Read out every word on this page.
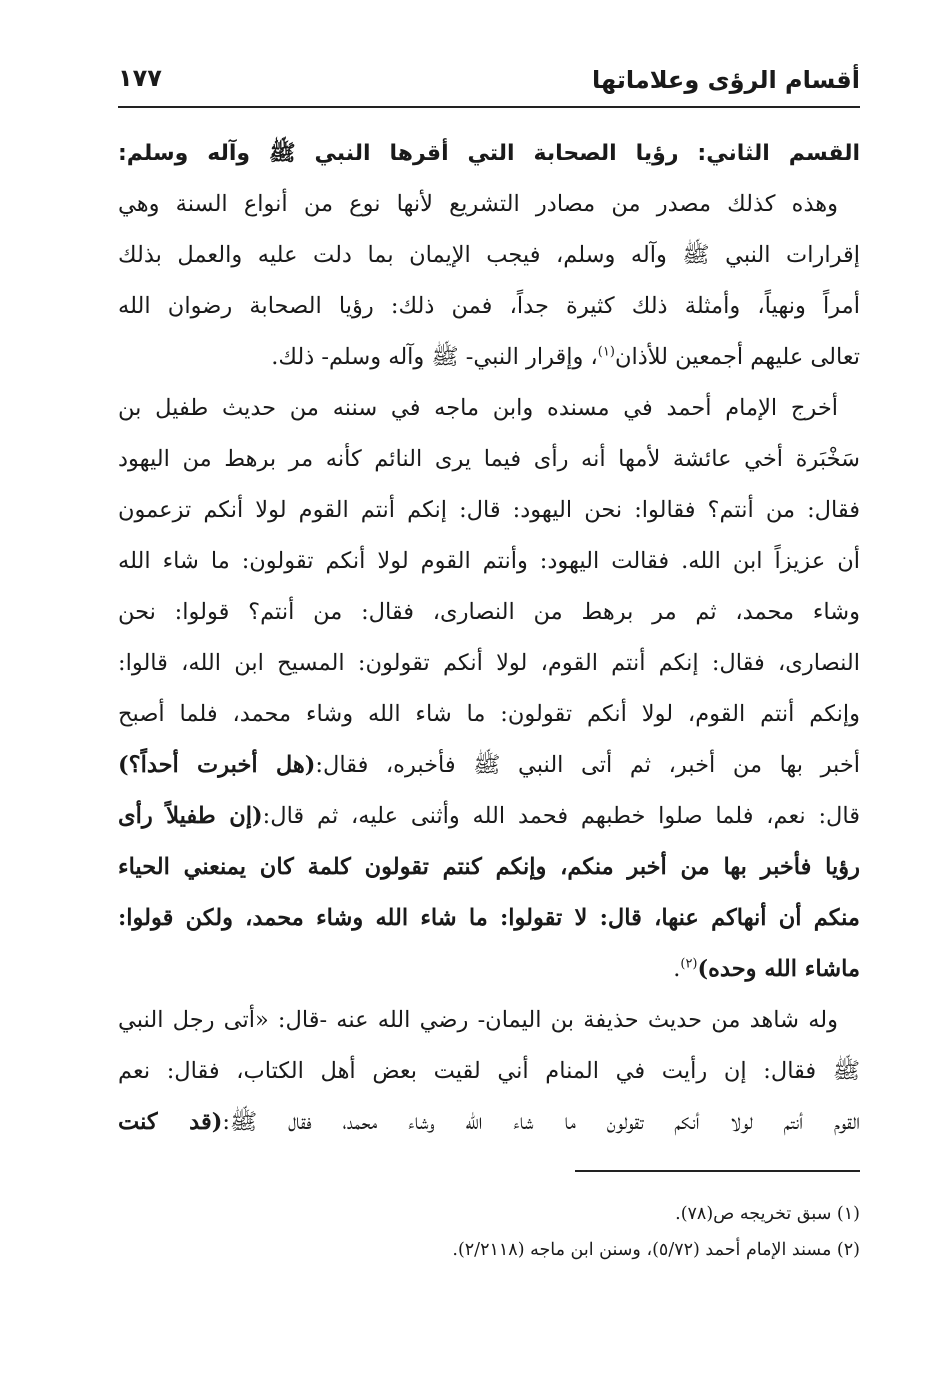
أقسام الرؤى وعلاماتها
١٧٧
القسم الثاني: رؤيا الصحابة التي أقرها النبي ﷺ وآله وسلم:
وهذه كذلك مصدر من مصادر التشريع لأنها نوع من أنواع السنة وهي
إقرارات النبي ﷺ وآله وسلم، فيجب الإيمان بما دلت عليه والعمل بذلك
أمراً ونهياً، وأمثلة ذلك كثيرة جداً، فمن ذلك: رؤيا الصحابة رضوان الله
تعالى عليهم أجمعين للأذان$^{(١)}$، وإقرار النبي- ﷺ وآله وسلم- ذلك.
أخرج الإمام أحمد في مسنده وابن ماجه في سننه من حديث طفيل بن
سَخْبَرة أخي عائشة لأمها أنه رأى فيما يرى النائم كأنه مر برهط من اليهود
فقال: من أنتم؟ فقالوا: نحن اليهود: قال: إنكم أنتم القوم لولا أنكم تزعمون
أن عزيزاً ابن الله. فقالت اليهود: وأنتم القوم لولا أنكم تقولون: ما شاء الله
وشاء محمد، ثم مر برهط من النصارى، فقال: من أنتم؟ قولوا: نحن
النصارى، فقال: إنكم أنتم القوم، لولا أنكم تقولون: المسيح ابن الله، قالوا:
وإنكم أنتم القوم، لولا أنكم تقولون: ما شاء الله وشاء محمد، فلما أصبح
أخبر بها من أخبر، ثم أتى النبي ﷺ فأخبره، فقال:(هل أخبرت أحداً؟)
قال: نعم، فلما صلوا خطبهم فحمد الله وأثنى عليه، ثم قال:(إن طفيلاً رأى
رؤيا فأخبر بها من أخبر منكم، وإنكم كنتم تقولون كلمة كان يمنعني الحياء
منكم أن أنهاكم عنها، قال: لا تقولوا: ما شاء الله وشاء محمد، ولكن قولوا:
ماشاء الله وحده)$^{(٢)}$.
وله شاهد من حديث حذيفة بن اليمان- رضي الله عنه -قال: «أتى رجل النبي
ﷺ فقال: إن رأيت في المنام أني لقيت بعض أهل الكتاب، فقال: نعم
القوم أنتم لولا أنكم تقولون ما شاء الله وشاء محمد، فقال ﷺ:(قد كنت
(١) سبق تخريجه ص(٧٨).
(٢) مسند الإمام أحمد (٥/٧٢)، وسنن ابن ماجه (٢/٢١١٨).
